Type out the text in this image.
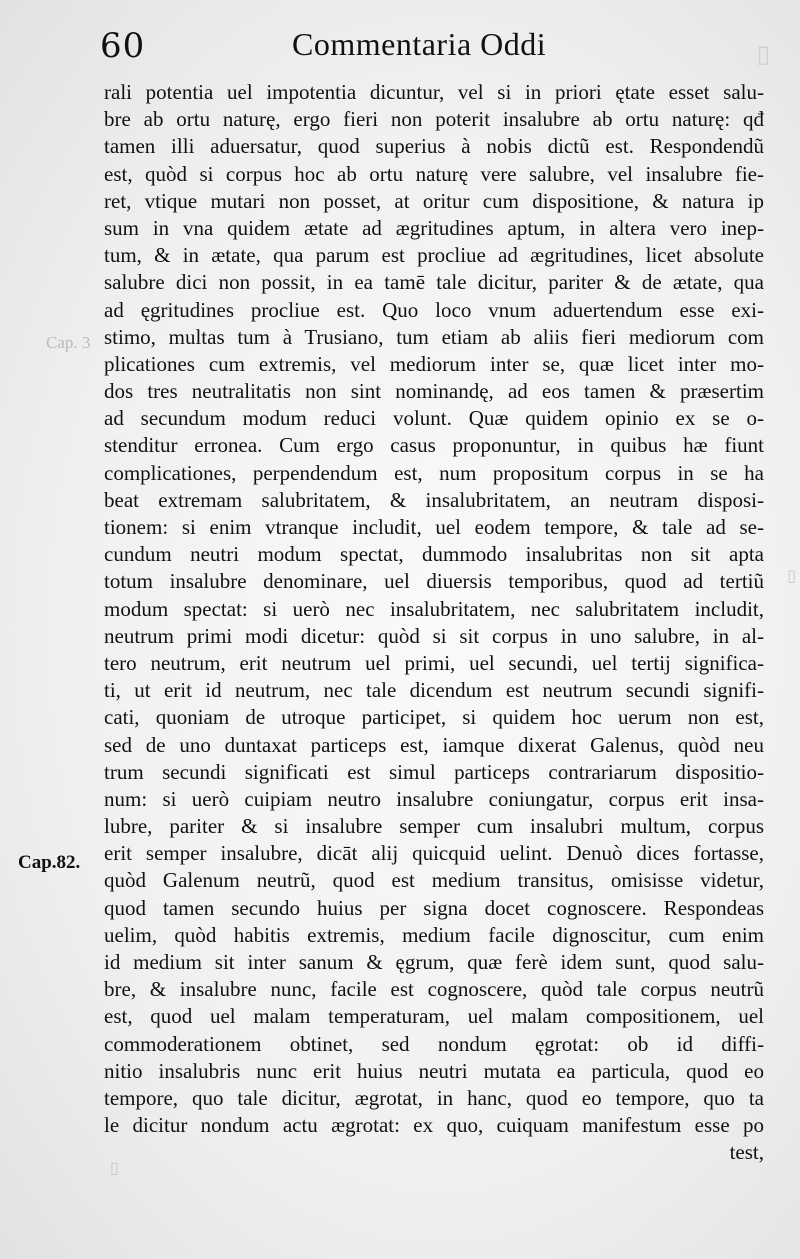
60	Commentaria Oddi	▯
▯
▯
Cap. 3
Cap.82.
rali potentia uel impotentia dicuntur, vel si in priori ętate esset salu-
bre ab ortu naturę, ergo fieri non poterit insalubre ab ortu naturę: qđ
tamen illi aduersatur, quod superius à nobis dictũ est. Respondendũ
est, quòd si corpus hoc ab ortu naturę vere salubre, vel insalubre fie-
ret, vtique mutari non posset, at oritur cum dispositione, & natura ip
sum in vna quidem ætate ad ægritudines aptum, in altera vero inep-
tum, & in ætate, qua parum est procliue ad ægritudines, licet absolute
salubre dici non possit, in ea tamē tale dicitur, pariter & de ætate, qua
ad ęgritudines procliue est. Quo loco vnum aduertendum esse exi-
stimo, multas tum à Trusiano, tum etiam ab aliis fieri mediorum com
plicationes cum extremis, vel mediorum inter se, quæ licet inter mo-
dos tres neutralitatis non sint nominandę, ad eos tamen & præsertim
ad secundum modum reduci volunt. Quæ quidem opinio ex se o-
stenditur erronea. Cum ergo casus proponuntur, in quibus hæ fiunt
complicationes, perpendendum est, num propositum corpus in se ha
beat extremam salubritatem, & insalubritatem, an neutram disposi-
tionem: si enim vtranque includit, uel eodem tempore, & tale ad se-
cundum neutri modum spectat, dummodo insalubritas non sit apta
totum insalubre denominare, uel diuersis temporibus, quod ad tertiũ
modum spectat: si uerò nec insalubritatem, nec salubritatem includit,
neutrum primi modi dicetur: quòd si sit corpus in uno salubre, in al-
tero neutrum, erit neutrum uel primi, uel secundi, uel tertij significa-
ti, ut erit id neutrum, nec tale dicendum est neutrum secundi signifi-
cati, quoniam de utroque participet, si quidem hoc uerum non est,
sed de uno duntaxat particeps est, iamque dixerat Galenus, quòd neu
trum secundi significati est simul particeps contrariarum dispositio-
num: si uerò cuipiam neutro insalubre coniungatur, corpus erit insa-
lubre, pariter & si insalubre semper cum insalubri multum, corpus
erit semper insalubre, dicāt alij quicquid uelint. Denuò dices fortasse,
quòd Galenum neutrũ, quod est medium transitus, omisisse videtur,
quod tamen secundo huius per signa docet cognoscere. Respondeas
uelim, quòd habitis extremis, medium facile dignoscitur, cum enim
id medium sit inter sanum & ęgrum, quæ ferè idem sunt, quod salu-
bre, & insalubre nunc, facile est cognoscere, quòd tale corpus neutrũ
est, quod uel malam temperaturam, uel malam compositionem, uel
commoderationem obtinet, sed nondum ęgrotat: ob id diffi-
nitio insalubris nunc erit huius neutri mutata ea particula, quod eo
tempore, quo tale dicitur, ægrotat, in hanc, quod eo tempore, quo ta
le dicitur nondum actu ægrotat: ex quo, cuiquam manifestum esse po
test,
